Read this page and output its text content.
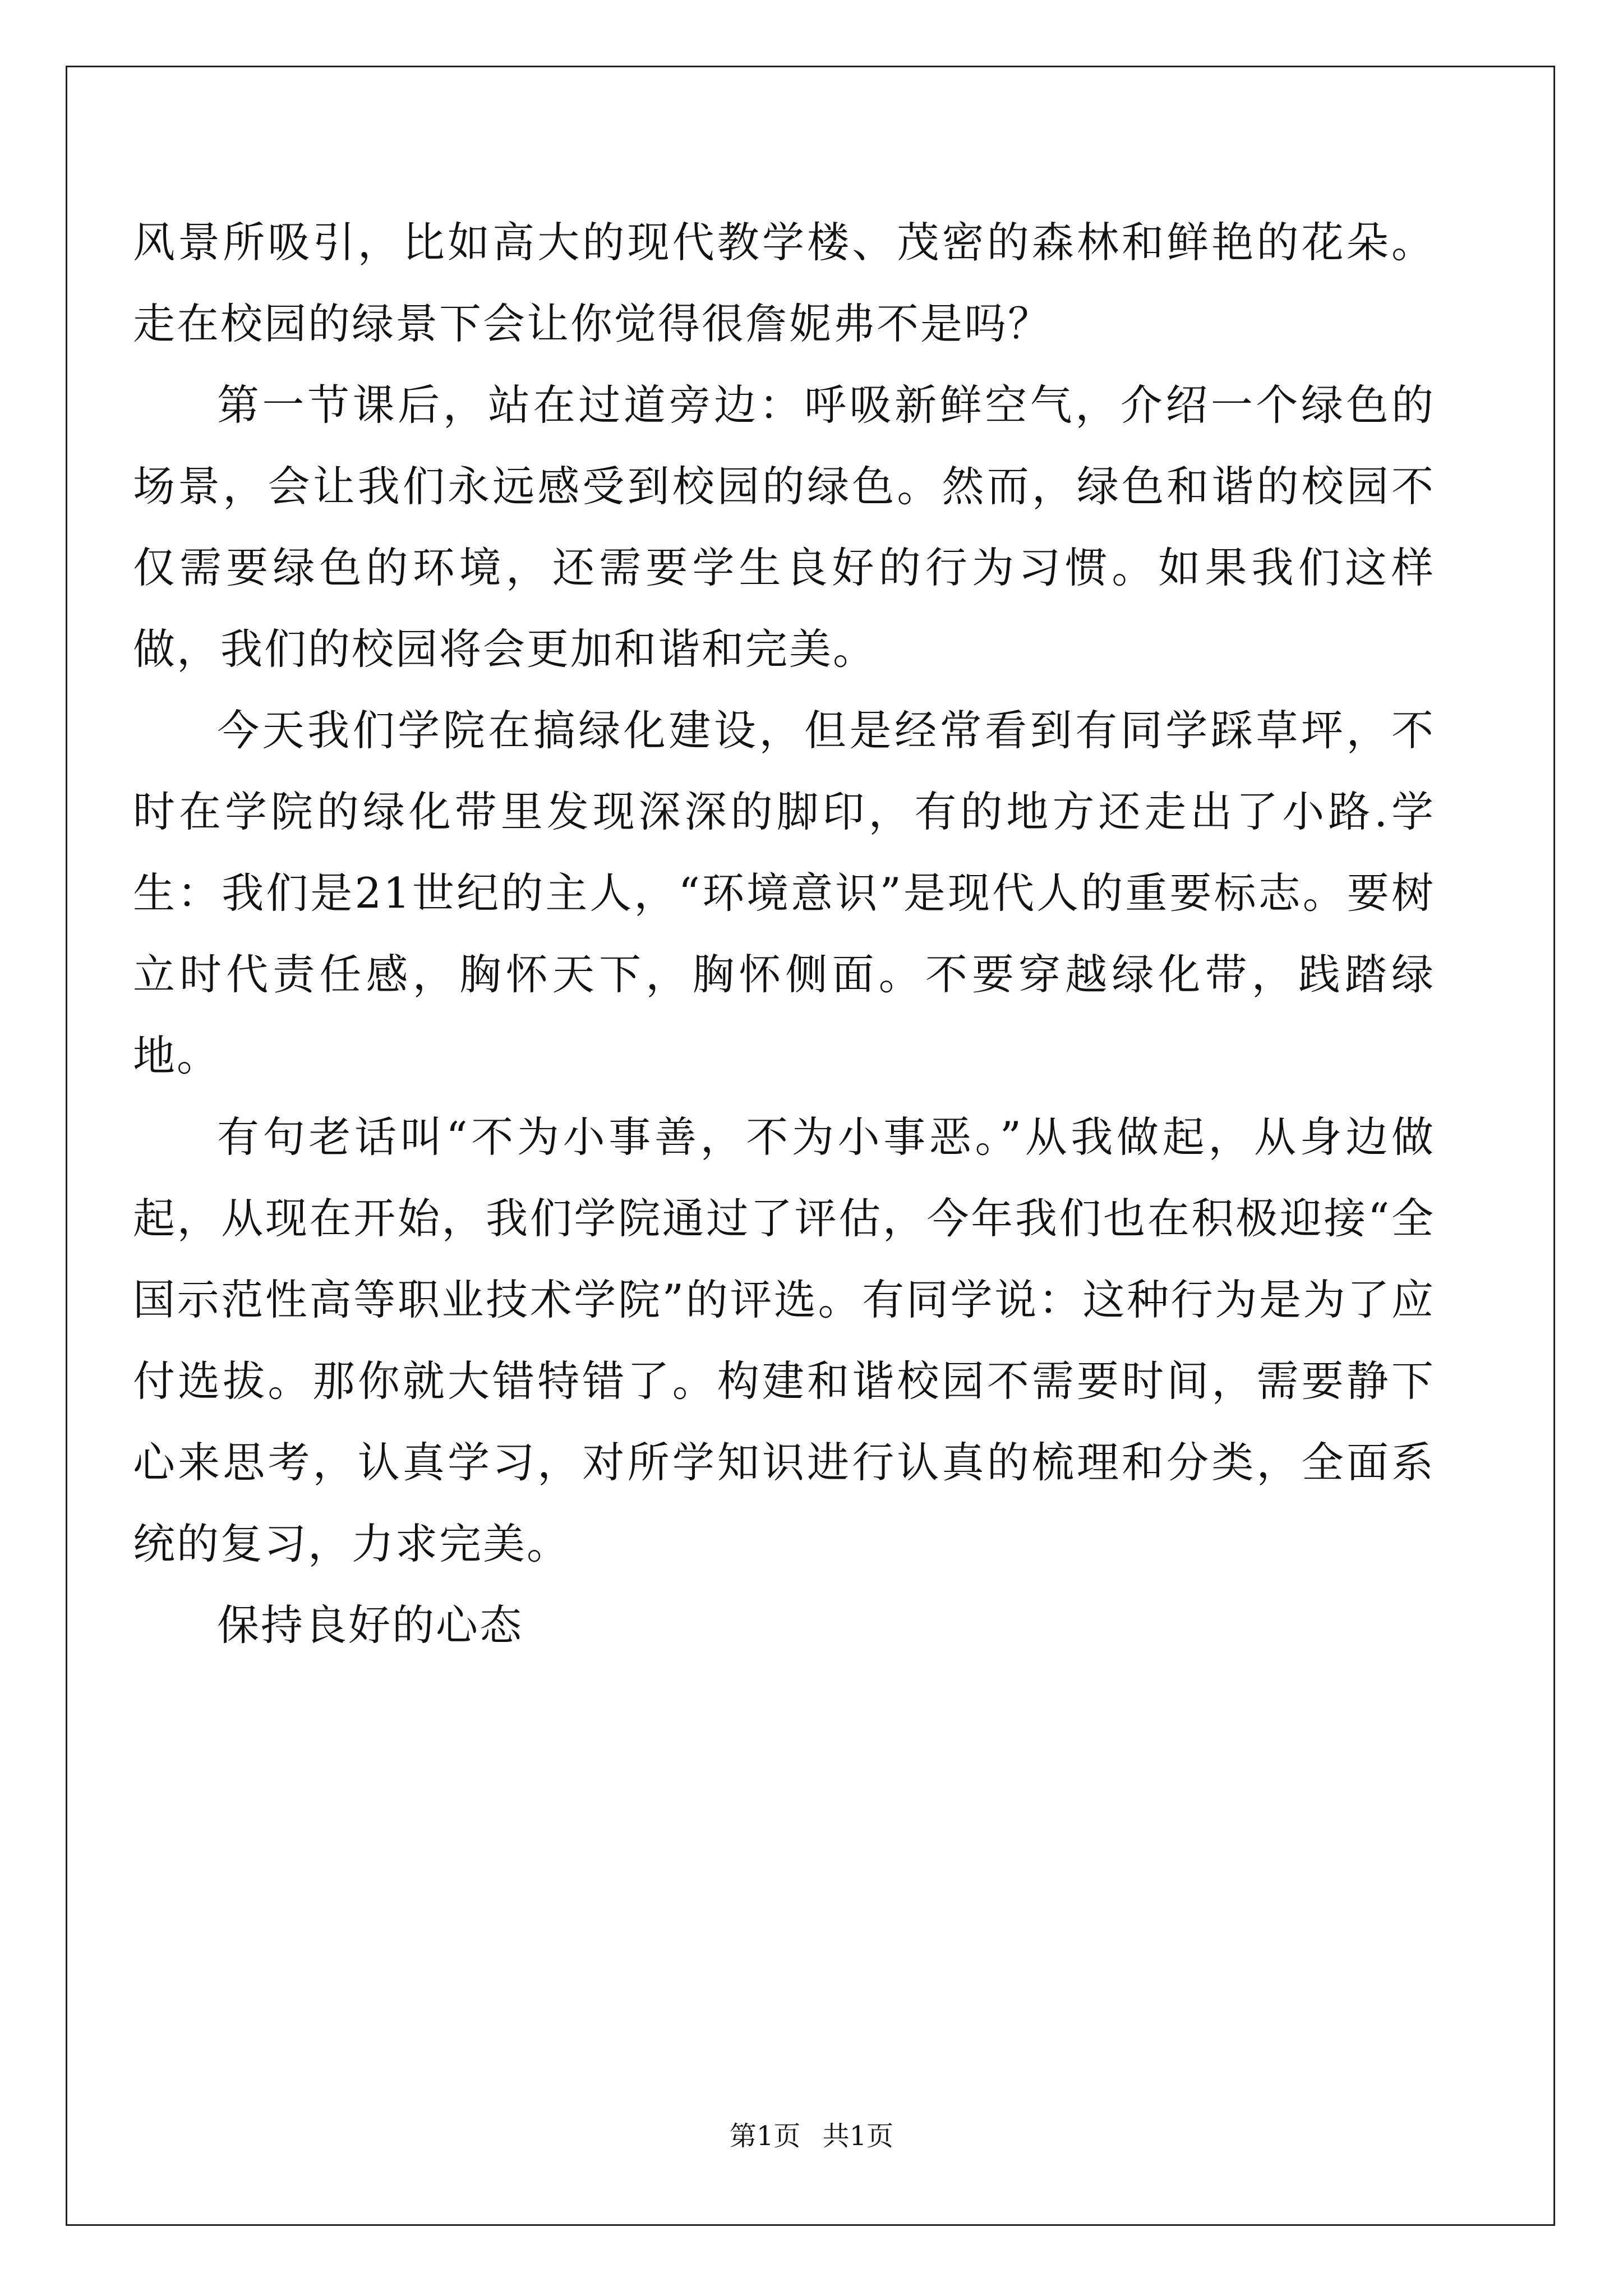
风景所吸引，比如高大的现代教学楼、茂密的森林和鲜艳的花朵。走在校园的绿景下会让你觉得很詹妮弗不是吗？

第一节课后，站在过道旁边：呼吸新鲜空气，介绍一个绿色的场景，会让我们永远感受到校园的绿色。然而，绿色和谐的校园不仅需要绿色的环境，还需要学生良好的行为习惯。如果我们这样做，我们的校园将会更加和谐和完美。

今天我们学院在搞绿化建设，但是经常看到有同学踩草坪，不时在学院的绿化带里发现深深的脚印，有的地方还走出了小路.学生：我们是21世纪的主人，“环境意识”是现代人的重要标志。要树立时代责任感，胸怀天下，胸怀侧面。不要穿越绿化带，践踏绿地。

有句老话叫“不为小事善，不为小事恶。”从我做起，从身边做起，从现在开始，我们学院通过了评估，今年我们也在积极迎接“全国示范性高等职业技术学院”的评选。有同学说：这种行为是为了应付选拔。那你就大错特错了。构建和谐校园不需要时间，需要静下心来思考，认真学习，对所学知识进行认真的梳理和分类，全面系统的复习，力求完美。

保持良好的心态

第1页 共1页
